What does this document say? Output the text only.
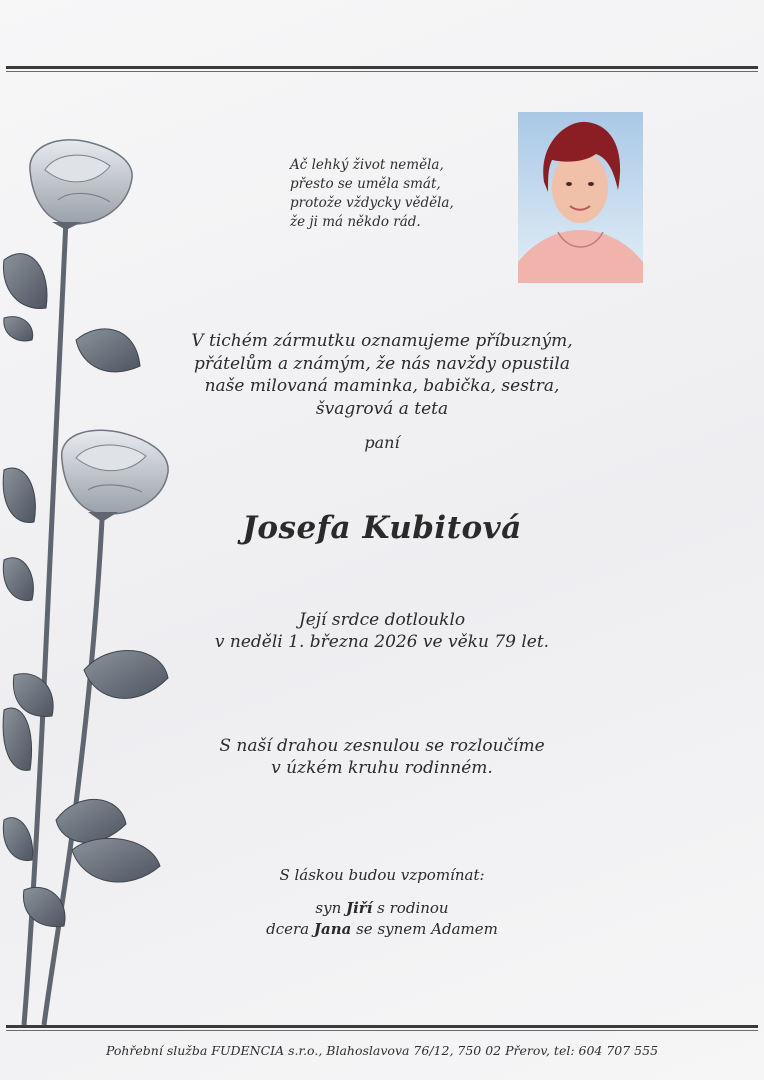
Ač lehký život neměla,
přesto se uměla smát,
protože vždycky věděla,
že ji má někdo rád.
V tichém zármutku oznamujeme příbuzným,
přátelům a známým, že nás navždy opustila
naše milovaná maminka, babička, sestra,
švagrová a teta
paní
Josefa Kubitová
Její srdce dotlouklo
v neděli 1. března 2026 ve věku 79 let.
S naší drahou zesnulou se rozloučíme
v úzkém kruhu rodinném.
S láskou budou vzpomínat:
syn Jiří s rodinou
dcera Jana se synem Adamem
Pohřební služba FUDENCIA s.r.o., Blahoslavova 76/12, 750 02 Přerov, tel: 604 707 555
